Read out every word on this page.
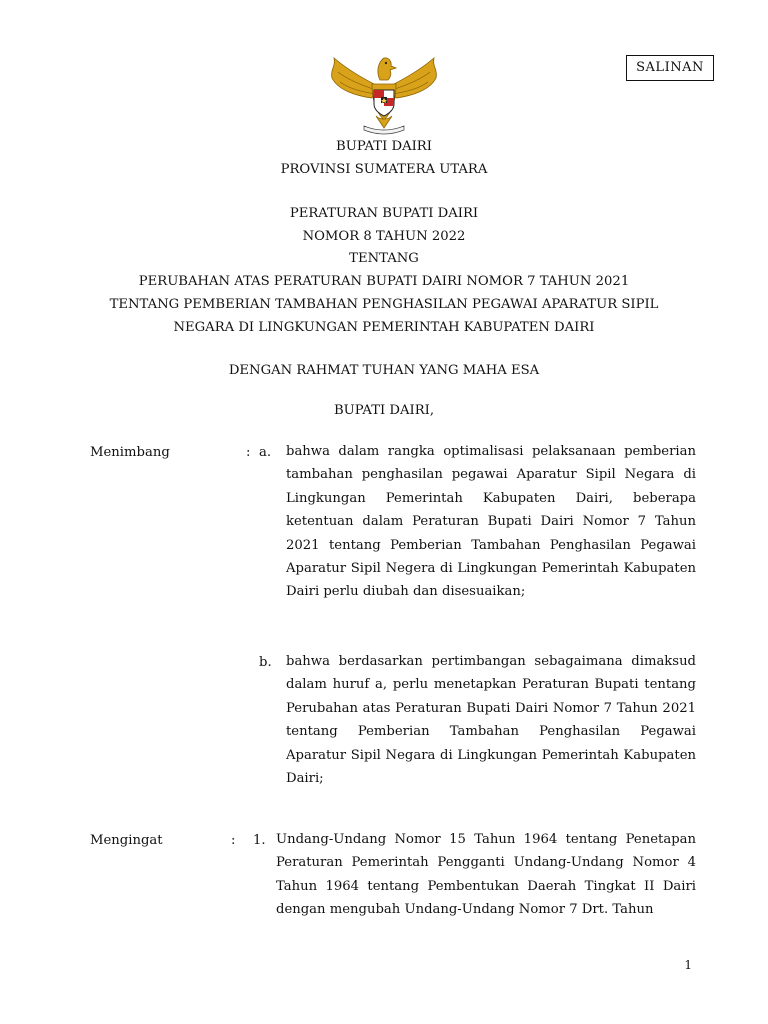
SALINAN
BUPATI DAIRI
PROVINSI SUMATERA UTARA
PERATURAN BUPATI DAIRI
NOMOR 8 TAHUN 2022
TENTANG
PERUBAHAN ATAS PERATURAN BUPATI DAIRI NOMOR 7 TAHUN 2021
TENTANG PEMBERIAN TAMBAHAN PENGHASILAN PEGAWAI APARATUR SIPIL
NEGARA DI LINGKUNGAN PEMERINTAH KABUPATEN DAIRI
DENGAN RAHMAT TUHAN YANG MAHA ESA
BUPATI DAIRI,
Menimbang	: a. bahwa dalam rangka optimalisasi pelaksanaan pemberian tambahan penghasilan pegawai Aparatur Sipil Negara di Lingkungan Pemerintah Kabupaten Dairi, beberapa ketentuan dalam Peraturan Bupati Dairi Nomor 7 Tahun 2021 tentang Pemberian Tambahan Penghasilan Pegawai Aparatur Sipil Negera di Lingkungan Pemerintah Kabupaten Dairi perlu diubah dan disesuaikan;

b. bahwa berdasarkan pertimbangan sebagaimana dimaksud dalam huruf a, perlu menetapkan Peraturan Bupati tentang Perubahan atas Peraturan Bupati Dairi Nomor 7 Tahun 2021 tentang Pemberian Tambahan Penghasilan Pegawai Aparatur Sipil Negara di Lingkungan Pemerintah Kabupaten Dairi;

Mengingat	: 1. Undang-Undang Nomor 15 Tahun 1964 tentang Penetapan Peraturan Pemerintah Pengganti Undang-Undang Nomor 4 Tahun 1964 tentang Pembentukan Daerah Tingkat II Dairi dengan mengubah Undang-Undang Nomor 7 Drt. Tahun

1
